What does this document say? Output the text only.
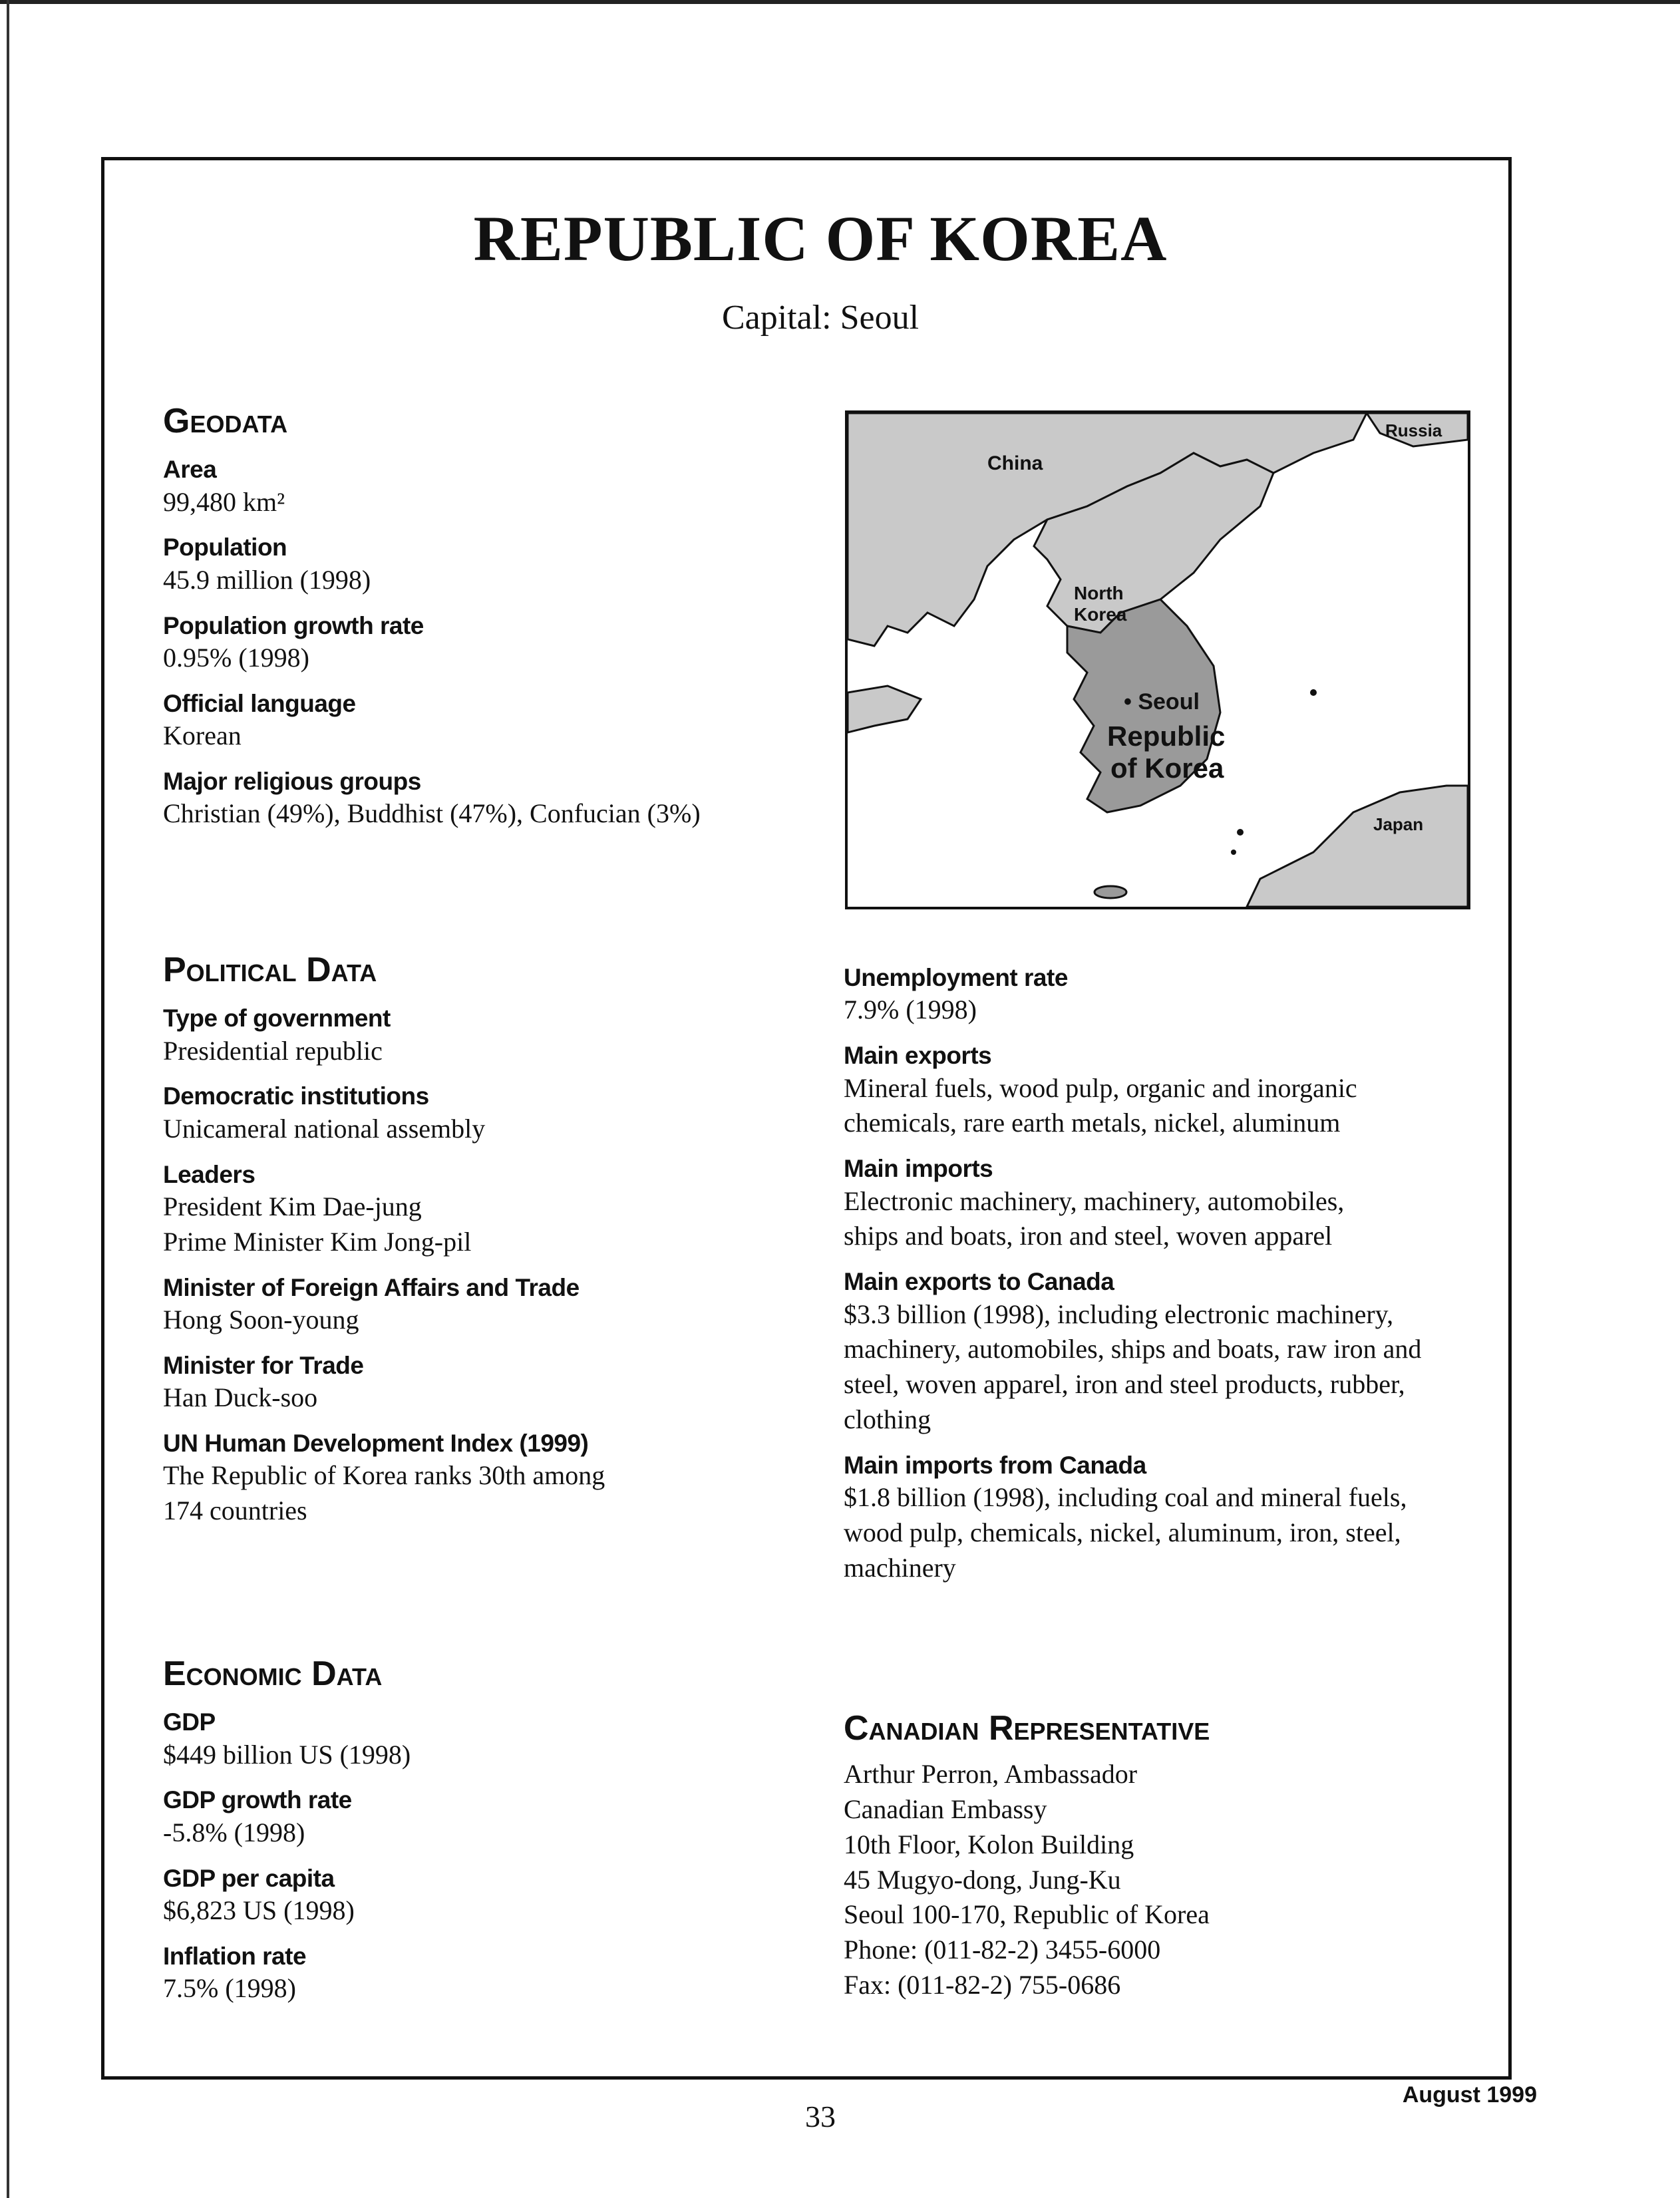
REPUBLIC OF KOREA
Capital: Seoul
Geodata

Area

99,480 km²

Population

45.9 million (1998)

Population growth rate

0.95% (1998)

Official language

Korean

Major religious groups

Christian (49%), Buddhist (47%), Confucian (3%)

Political Data

Type of government

Presidential republic

Democratic institutions

Unicameral national assembly

Leaders

President Kim Dae-jung
Prime Minister Kim Jong-pil

Minister of Foreign Affairs and Trade

Hong Soon-young

Minister for Trade

Han Duck-soo

UN Human Development Index (1999)

The Republic of Korea ranks 30th among
174 countries

Economic Data

GDP

$449 billion US (1998)

GDP growth rate

-5.8% (1998)

GDP per capita

$6,823 US (1998)

Inflation rate

7.5% (1998)

China
Russia
North
Korea
• Seoul
Republic
of Korea
Japan

Unemployment rate

7.9% (1998)

Main exports

Mineral fuels, wood pulp, organic and inorganic
chemicals, rare earth metals, nickel, aluminum

Main imports

Electronic machinery, machinery, automobiles,
ships and boats, iron and steel, woven apparel

Main exports to Canada

$3.3 billion (1998), including electronic machinery,
machinery, automobiles, ships and boats, raw iron and
steel, woven apparel, iron and steel products, rubber,
clothing

Main imports from Canada

$1.8 billion (1998), including coal and mineral fuels,
wood pulp, chemicals, nickel, aluminum, iron, steel,
machinery

Canadian Representative

Arthur Perron, Ambassador

Canadian Embassy

10th Floor, Kolon Building

45 Mugyo-dong, Jung-Ku

Seoul 100-170, Republic of Korea

Phone: (011-82-2) 3455-6000

Fax: (011-82-2) 755-0686

33
August 1999
